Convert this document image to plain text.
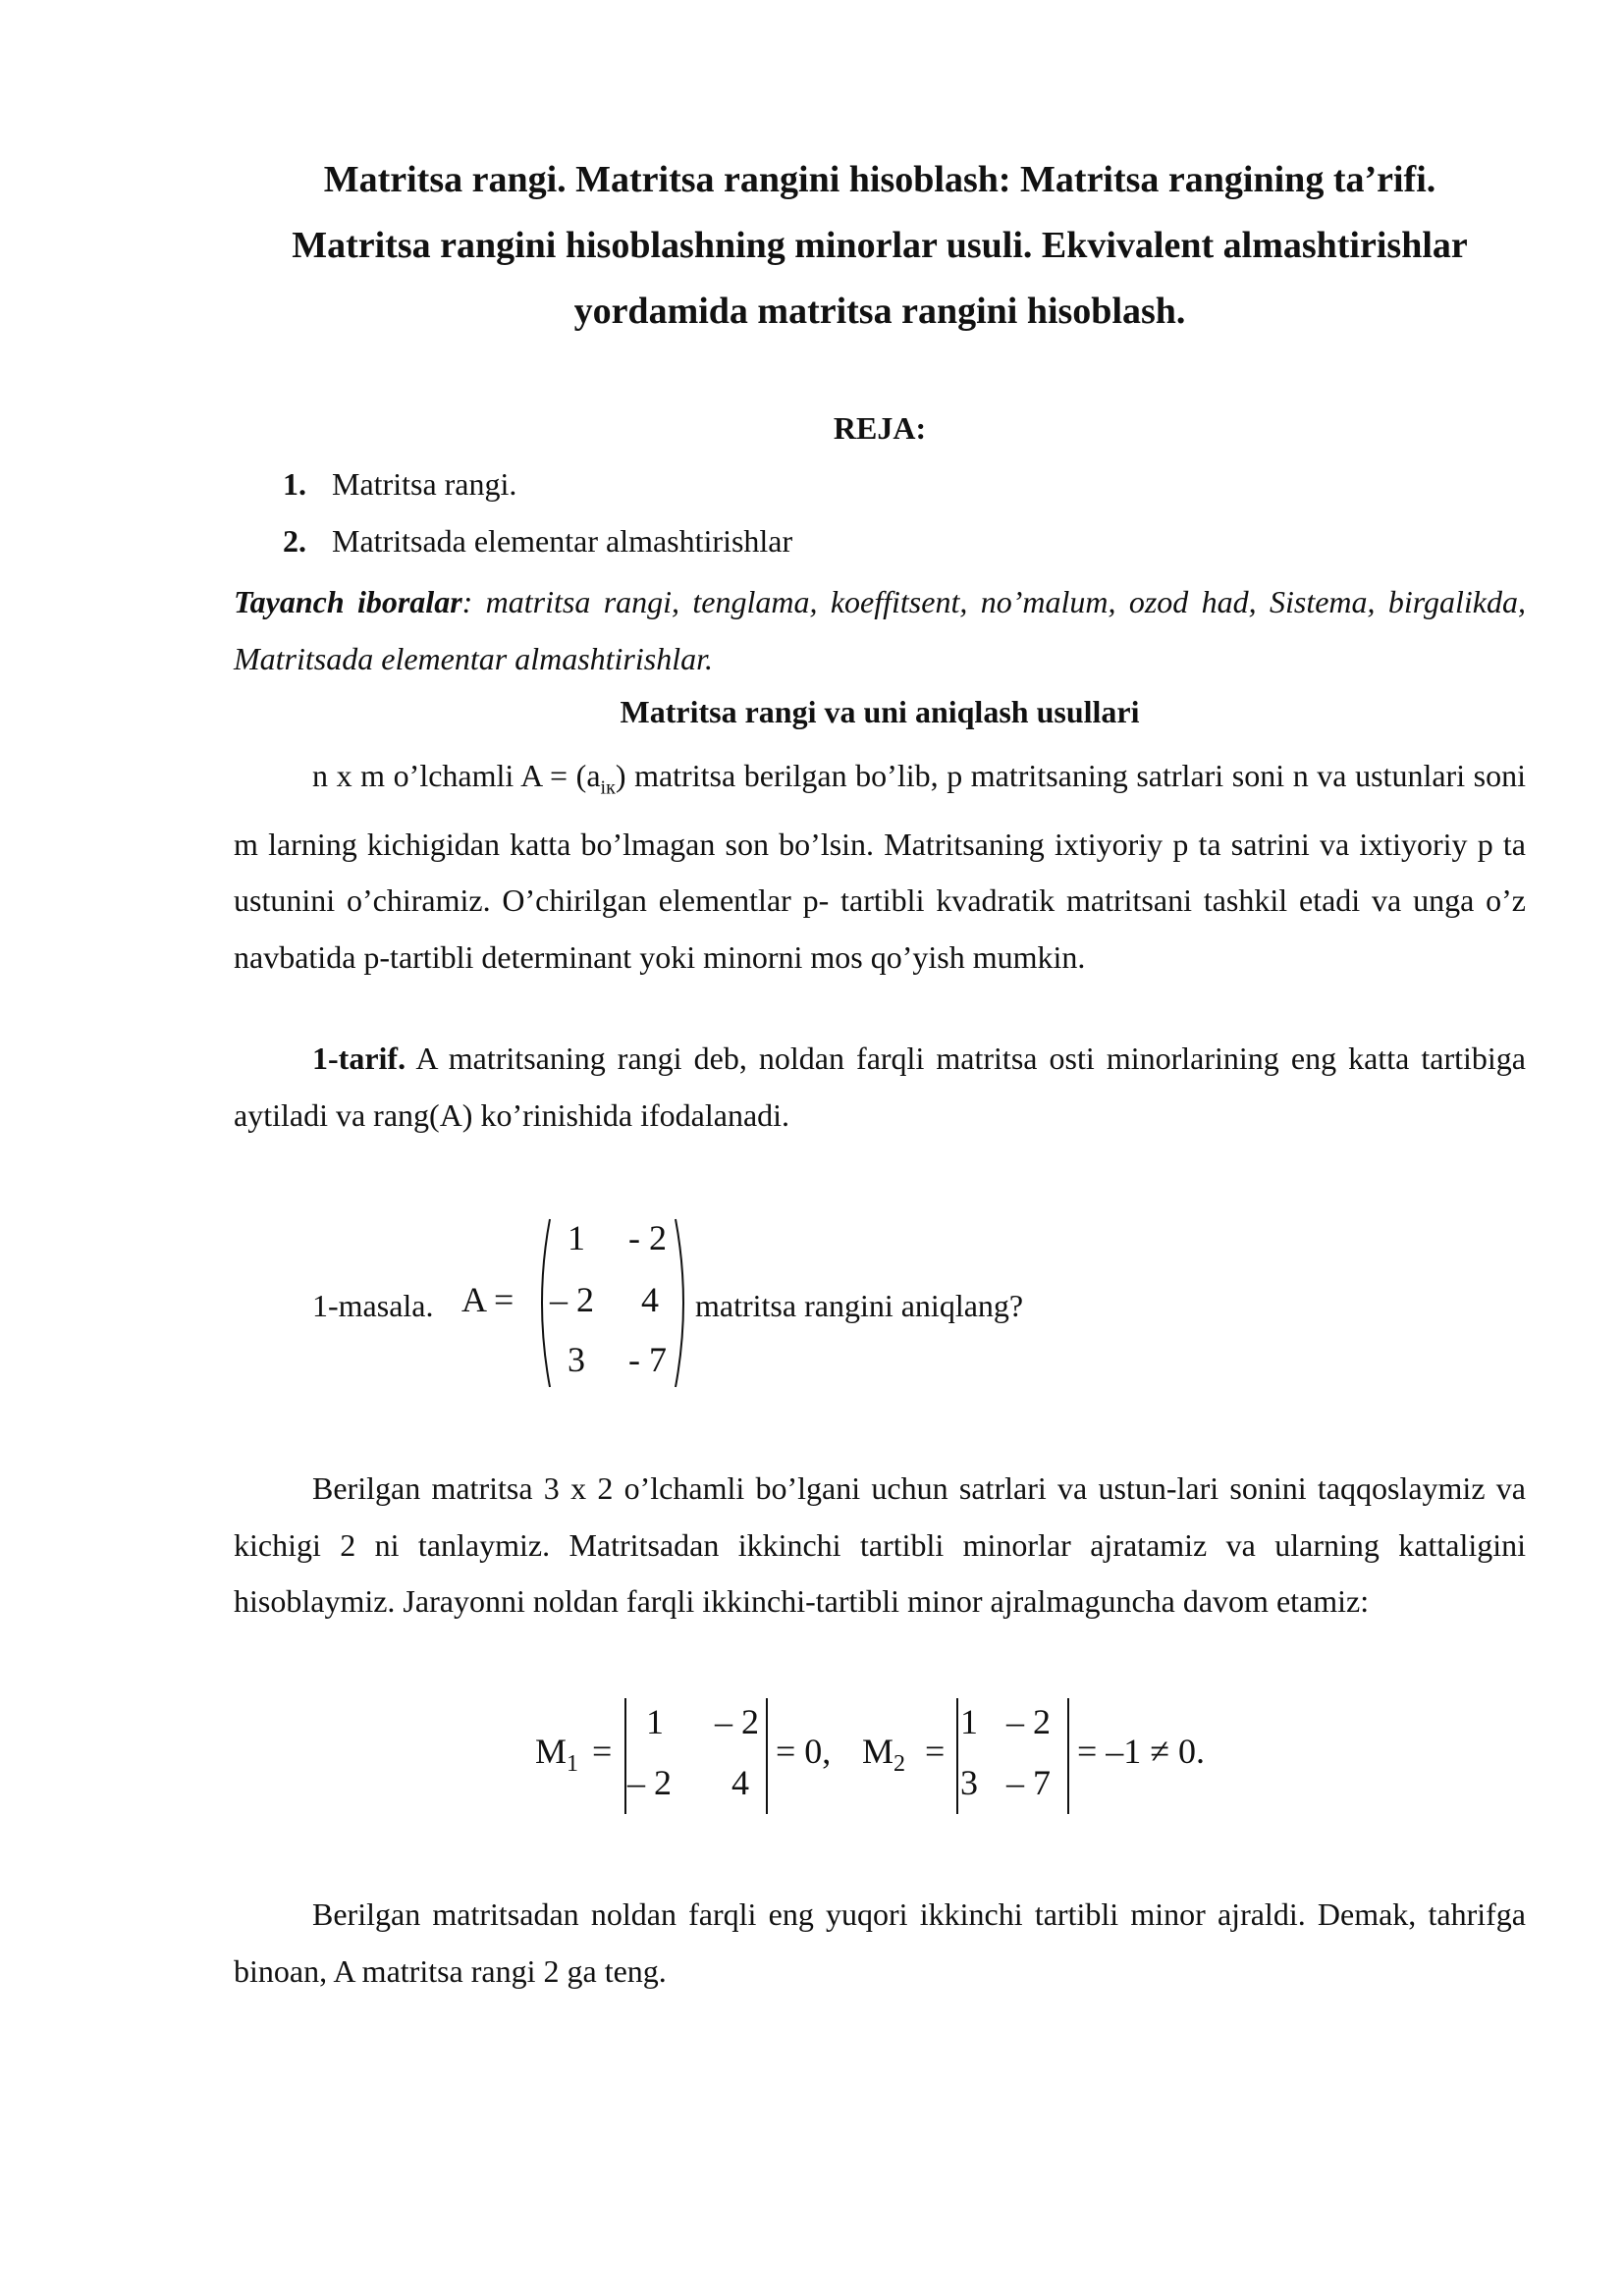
Matritsa rangi. Matritsa rangini hisoblash: Matritsa rangining ta’rifi.
Matritsa rangini hisoblashning minorlar usuli. Ekvivalent almashtirishlar
yordamida matritsa rangini hisoblash.
REJA:
1. Matritsa rangi.
2. Matritsada elementar almashtirishlar
Tayanch iboralar: matritsa rangi, tenglama, koeffitsent, no’malum, ozod had, Sistema, birgalikda, Matritsada elementar almashtirishlar.
Matritsa rangi va uni aniqlash usullari
n x m o’lchamli $A = (a_{iк})$ matritsa berilgan bo’lib, p matritsaning satrlari soni n va ustunlari soni m larning kichigidan katta bo’lmagan son bo’lsin. Matritsaning ixtiyoriy p ta satrini va ixtiyoriy p ta ustunini o’chiramiz. O’chirilgan elementlar p- tartibli kvadratik matritsani tashkil etadi va unga o’z navbatida p-tartibli determinant yoki minorni mos qo’yish mumkin.
1-tarif. A matritsaning rangi deb, noldan farqli matritsa osti minorlarining eng katta tartibiga aytiladi va rang(A) ko’rinishida ifodalanadi.
1-masala. A =
1 - 2
– 2 4
3 - 7
matritsa rangini aniqlang?
Berilgan matritsa 3 x 2 o’lchamli bo’lgani uchun satrlari va ustun-lari sonini taqqoslaymiz va kichigi 2 ni tanlaymiz. Matritsadan ikkinchi tartibli minorlar ajratamiz va ularning kattaligini hisoblaymiz. Jarayonni noldan farqli ikkinchi-tartibli minor ajralmaguncha davom etamiz:
$M_1$ =
1 – 2
– 2 4
= 0, $M_2$ =
1 – 2
3 – 7
= –1 ≠ 0.
Berilgan matritsadan noldan farqli eng yuqori ikkinchi tartibli minor ajraldi. Demak, tahrifga binoan, A matritsa rangi 2 ga teng.
